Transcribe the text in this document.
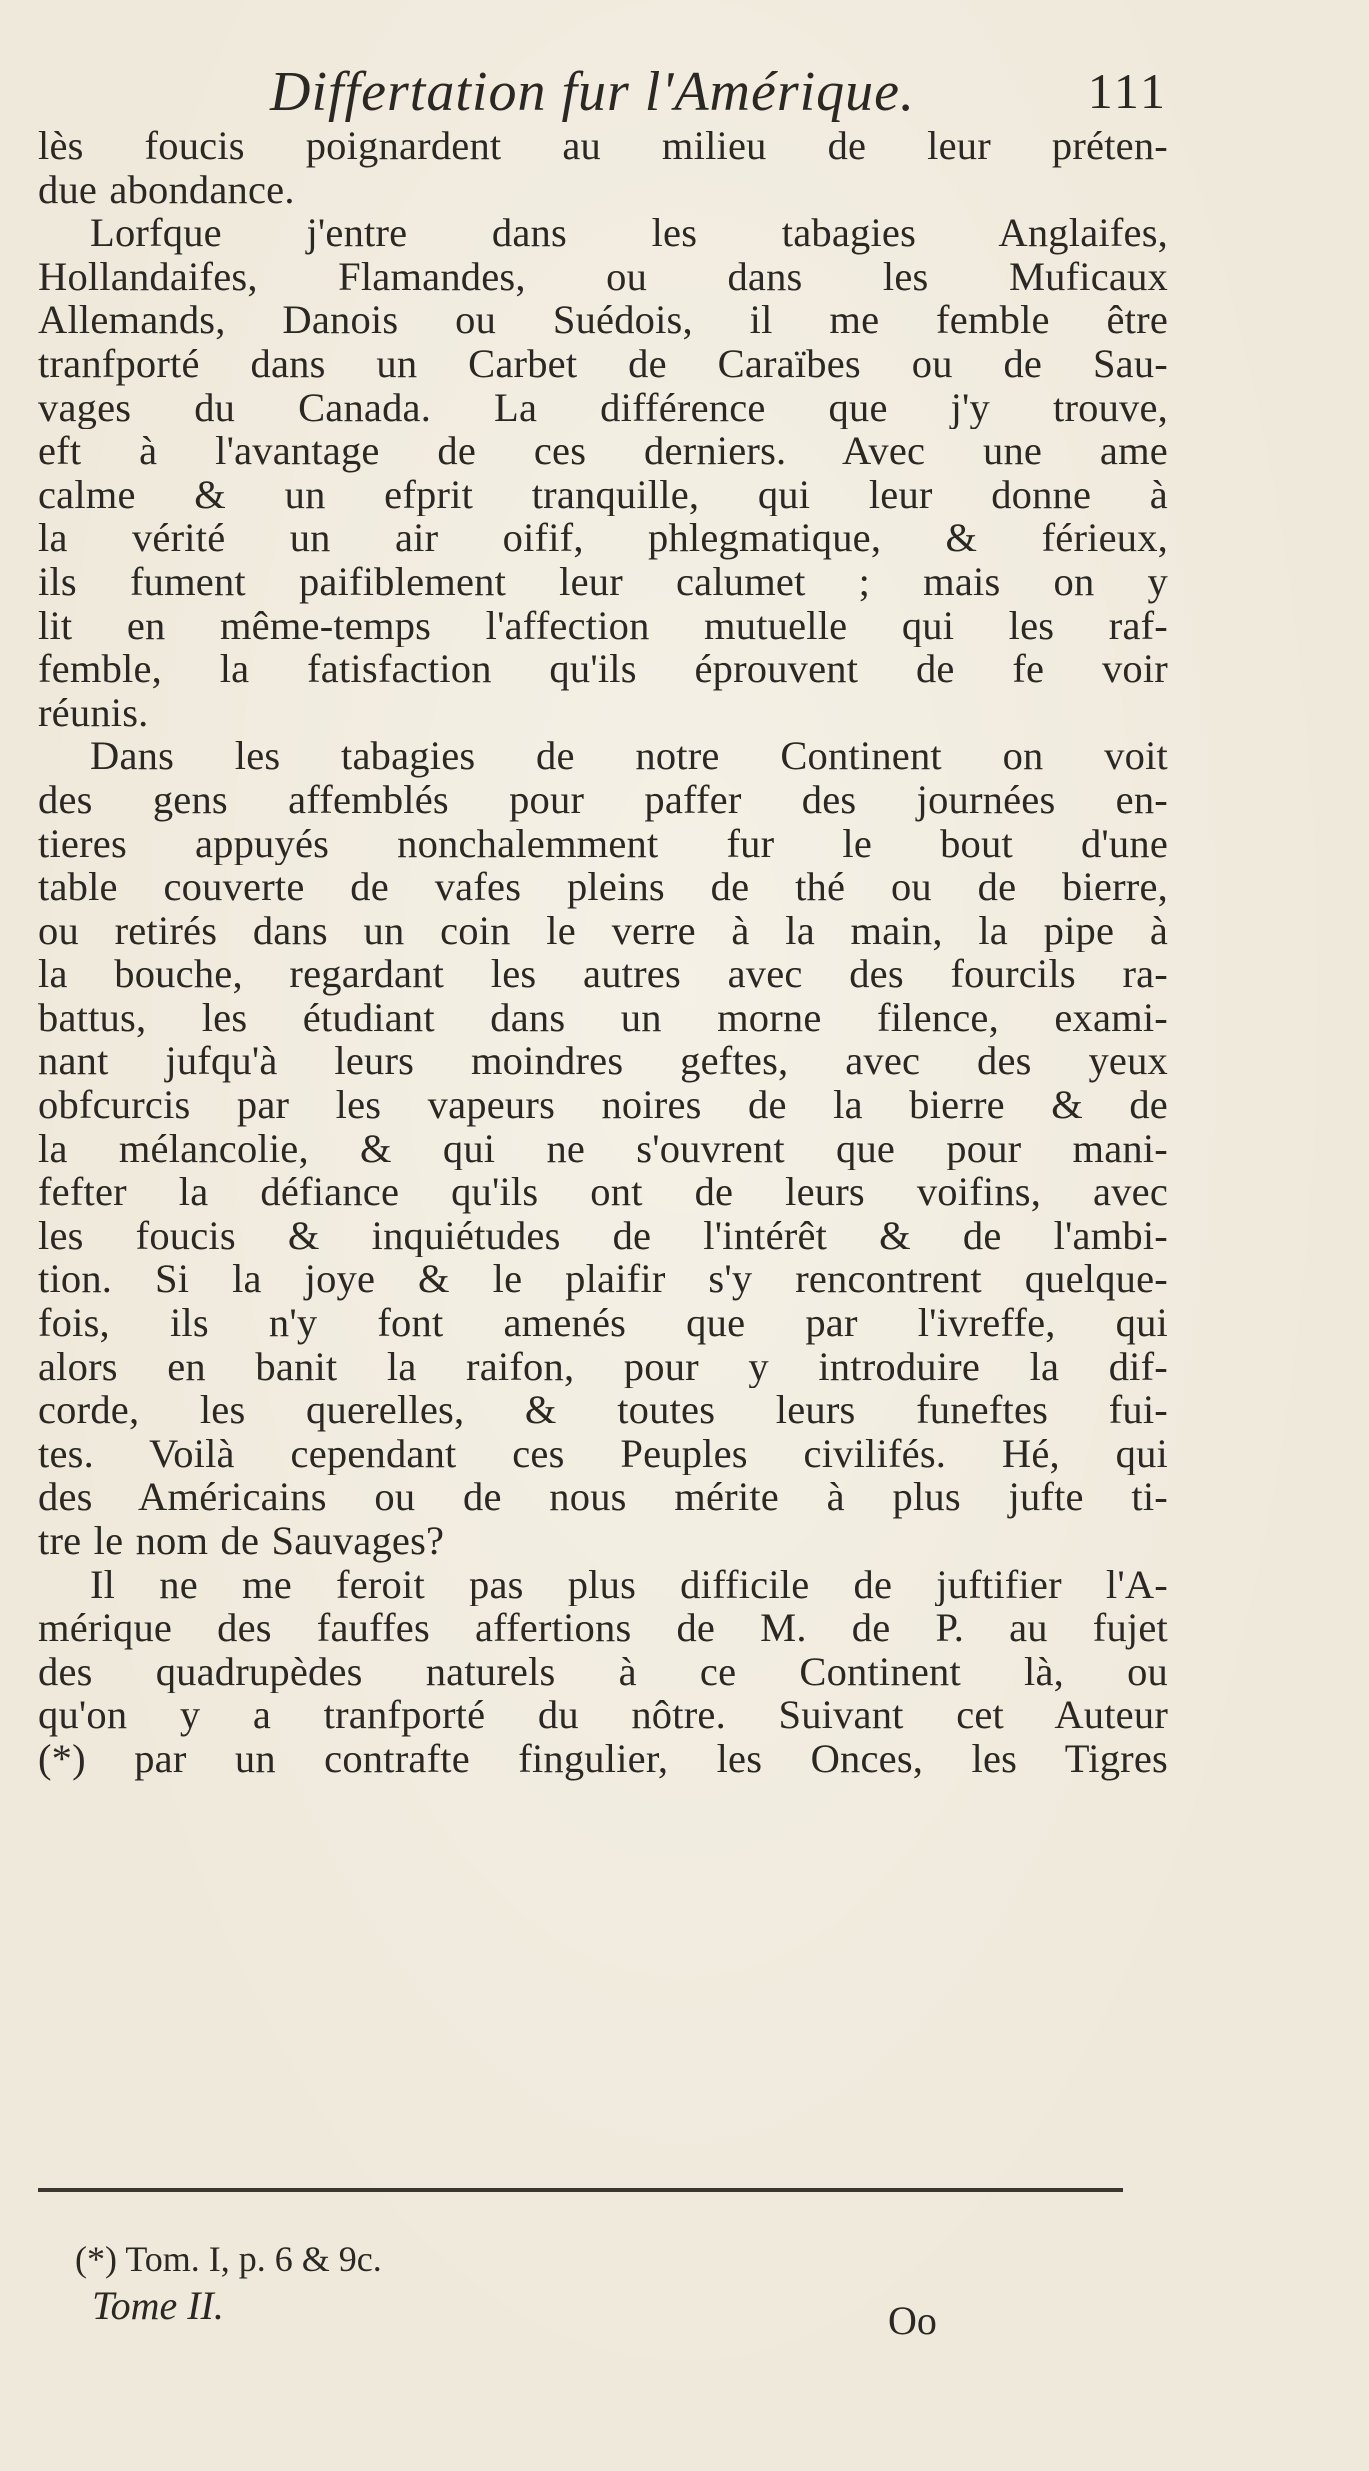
Differtation fur l'Amérique.	111
lès foucis poignardent au milieu de leur préten-
due abondance.
Lorfque j'entre dans les tabagies Anglaifes,
Hollandaifes, Flamandes, ou dans les Muficaux
Allemands, Danois ou Suédois, il me femble être
tranfporté dans un Carbet de Caraïbes ou de Sau-
vages du Canada. La différence que j'y trouve,
eft à l'avantage de ces derniers. Avec une ame
calme & un efprit tranquille, qui leur donne à
la vérité un air oifif, phlegmatique, & férieux,
ils fument paifiblement leur calumet ; mais on y
lit en même-temps l'affection mutuelle qui les raf-
femble, la fatisfaction qu'ils éprouvent de fe voir
réunis.
Dans les tabagies de notre Continent on voit
des gens affemblés pour paffer des journées en-
tieres appuyés nonchalemment fur le bout d'une
table couverte de vafes pleins de thé ou de bierre,
ou retirés dans un coin le verre à la main, la pipe à
la bouche, regardant les autres avec des fourcils ra-
battus, les étudiant dans un morne filence, exami-
nant jufqu'à leurs moindres geftes, avec des yeux
obfcurcis par les vapeurs noires de la bierre & de
la mélancolie, & qui ne s'ouvrent que pour mani-
fefter la défiance qu'ils ont de leurs voifins, avec
les foucis & inquiétudes de l'intérêt & de l'ambi-
tion. Si la joye & le plaifir s'y rencontrent quelque-
fois, ils n'y font amenés que par l'ivreffe, qui
alors en banit la raifon, pour y introduire la dif-
corde, les querelles, & toutes leurs funeftes fui-
tes. Voilà cependant ces Peuples civilifés. Hé, qui
des Américains ou de nous mérite à plus jufte ti-
tre le nom de Sauvages?
Il ne me feroit pas plus difficile de juftifier l'A-
mérique des fauffes affertions de M. de P. au fujet
des quadrupèdes naturels à ce Continent là, ou
qu'on y a tranfporté du nôtre. Suivant cet Auteur
(*) par un contrafte fingulier, les Onces, les Tigres
(*) Tom. I, p. 6 & 9c.
Tome II.	Oo
